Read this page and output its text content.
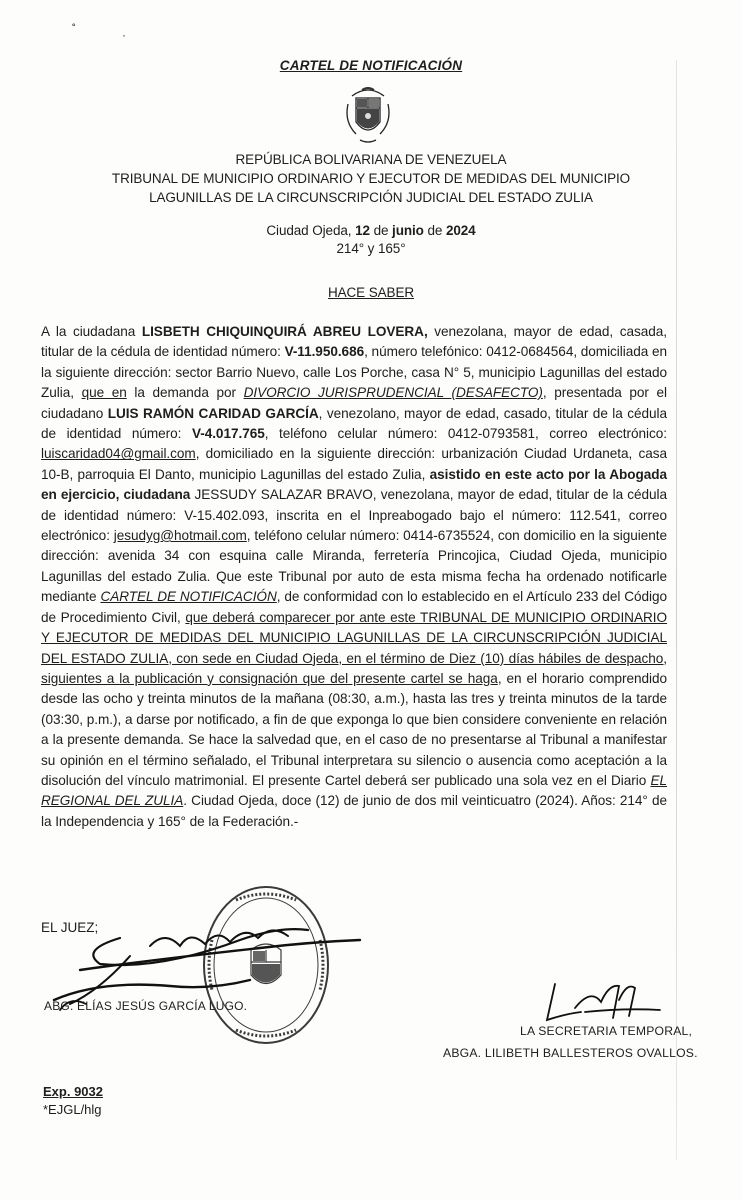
˚	·
CARTEL DE NOTIFICACIÓN
REPÚBLICA BOLIVARIANA DE VENEZUELA
TRIBUNAL DE MUNICIPIO ORDINARIO Y EJECUTOR DE MEDIDAS DEL MUNICIPIO
LAGUNILLAS DE LA CIRCUNSCRIPCIÓN JUDICIAL DEL ESTADO ZULIA
Ciudad Ojeda, 12 de junio de 2024
214° y 165°
HACE SABER
A la ciudadana LISBETH CHIQUINQUIRÁ ABREU LOVERA, venezolana, mayor de edad, casada, titular de la cédula de identidad número: V-11.950.686, número telefónico: 0412-0684564, domiciliada en la siguiente dirección: sector Barrio Nuevo, calle Los Porche, casa N° 5, municipio Lagunillas del estado Zulia, que en la demanda por DIVORCIO JURISPRUDENCIAL (DESAFECTO), presentada por el ciudadano LUIS RAMÓN CARIDAD GARCÍA, venezolano, mayor de edad, casado, titular de la cédula de identidad número: V-4.017.765, teléfono celular número: 0412-0793581, correo electrónico: luiscaridad04@gmail.com, domiciliado en la siguiente dirección: urbanización Ciudad Urdaneta, casa 10-B, parroquia El Danto, municipio Lagunillas del estado Zulia, asistido en este acto por la Abogada en ejercicio, ciudadana JESSUDY SALAZAR BRAVO, venezolana, mayor de edad, titular de la cédula de identidad número: V-15.402.093, inscrita en el Inpreabogado bajo el número: 112.541, correo electrónico: jesudyg@hotmail.com, teléfono celular número: 0414-6735524, con domicilio en la siguiente dirección: avenida 34 con esquina calle Miranda, ferretería Princojica, Ciudad Ojeda, municipio Lagunillas del estado Zulia. Que este Tribunal por auto de esta misma fecha ha ordenado notificarle mediante CARTEL DE NOTIFICACIÓN, de conformidad con lo establecido en el Artículo 233 del Código de Procedimiento Civil, que deberá comparecer por ante este TRIBUNAL DE MUNICIPIO ORDINARIO Y EJECUTOR DE MEDIDAS DEL MUNICIPIO LAGUNILLAS DE LA CIRCUNSCRIPCIÓN JUDICIAL DEL ESTADO ZULIA, con sede en Ciudad Ojeda, en el término de Diez (10) días hábiles de despacho, siguientes a la publicación y consignación que del presente cartel se haga, en el horario comprendido desde las ocho y treinta minutos de la mañana (08:30, a.m.), hasta las tres y treinta minutos de la tarde (03:30, p.m.), a darse por notificado, a fin de que exponga lo que bien considere conveniente en relación a la presente demanda. Se hace la salvedad que, en el caso de no presentarse al Tribunal a manifestar su opinión en el término señalado, el Tribunal interpretara su silencio o ausencia como aceptación a la disolución del vínculo matrimonial. El presente Cartel deberá ser publicado una sola vez en el Diario EL REGIONAL DEL ZULIA. Ciudad Ojeda, doce (12) de junio de dos mil veinticuatro (2024). Años: 214° de la Independencia y 165° de la Federación.-
EL JUEZ;
ABG. ELÍAS JESÚS GARCÍA LUGO.
LA SECRETARIA TEMPORAL,
ABGA. LILIBETH BALLESTEROS OVALLOS.
Exp. 9032
*EJGL/hlg
